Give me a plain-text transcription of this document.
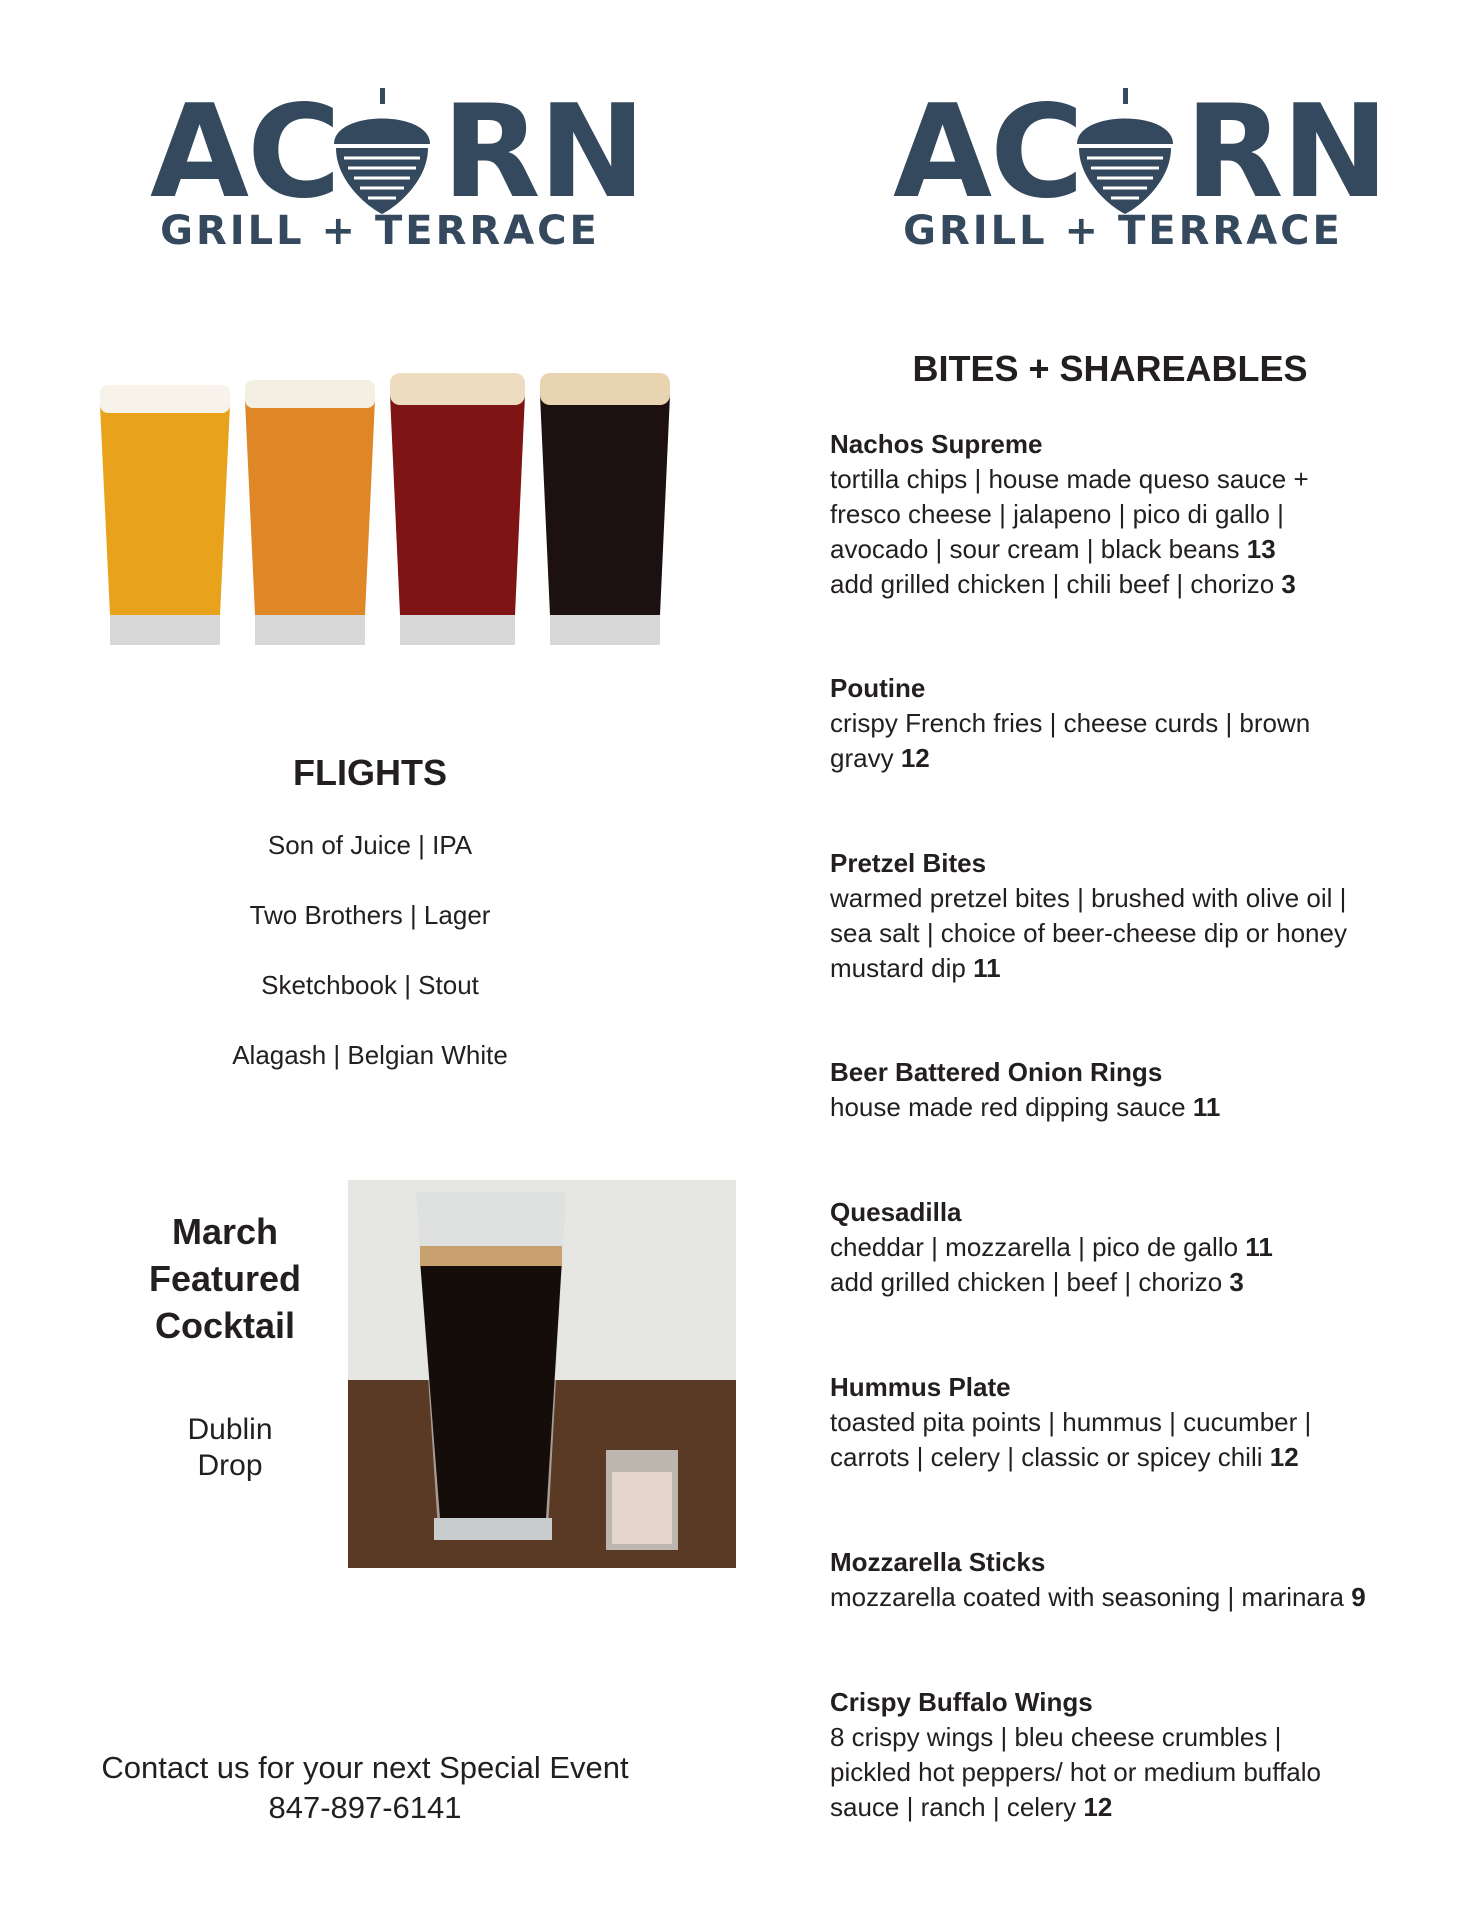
AC RN
GRILL + TERRACE
AC RN
GRILL + TERRACE
FLIGHTS
Son of Juice | IPA
Two Brothers | Lager
Sketchbook | Stout
Alagash | Belgian White
March
Featured
Cocktail
Dublin
Drop
Contact us for your next Special Event
847-897-6141
BITES + SHAREABLES
Nachos Supreme
tortilla chips | house made queso sauce +
fresco cheese | jalapeno | pico di gallo |
avocado | sour cream | black beans 13
add grilled chicken | chili beef | chorizo 3
Poutine
crispy French fries | cheese curds | brown
gravy 12
Pretzel Bites
warmed pretzel bites | brushed with olive oil |
sea salt | choice of beer-cheese dip or honey
mustard dip 11
Beer Battered Onion Rings
house made red dipping sauce 11
Quesadilla
cheddar | mozzarella | pico de gallo 11
add grilled chicken | beef | chorizo 3
Hummus Plate
toasted pita points | hummus | cucumber |
carrots | celery | classic or spicey chili 12
Mozzarella Sticks
mozzarella coated with seasoning | marinara 9
Crispy Buffalo Wings
8 crispy wings | bleu cheese crumbles |
pickled hot peppers/ hot or medium buffalo
sauce | ranch | celery 12
